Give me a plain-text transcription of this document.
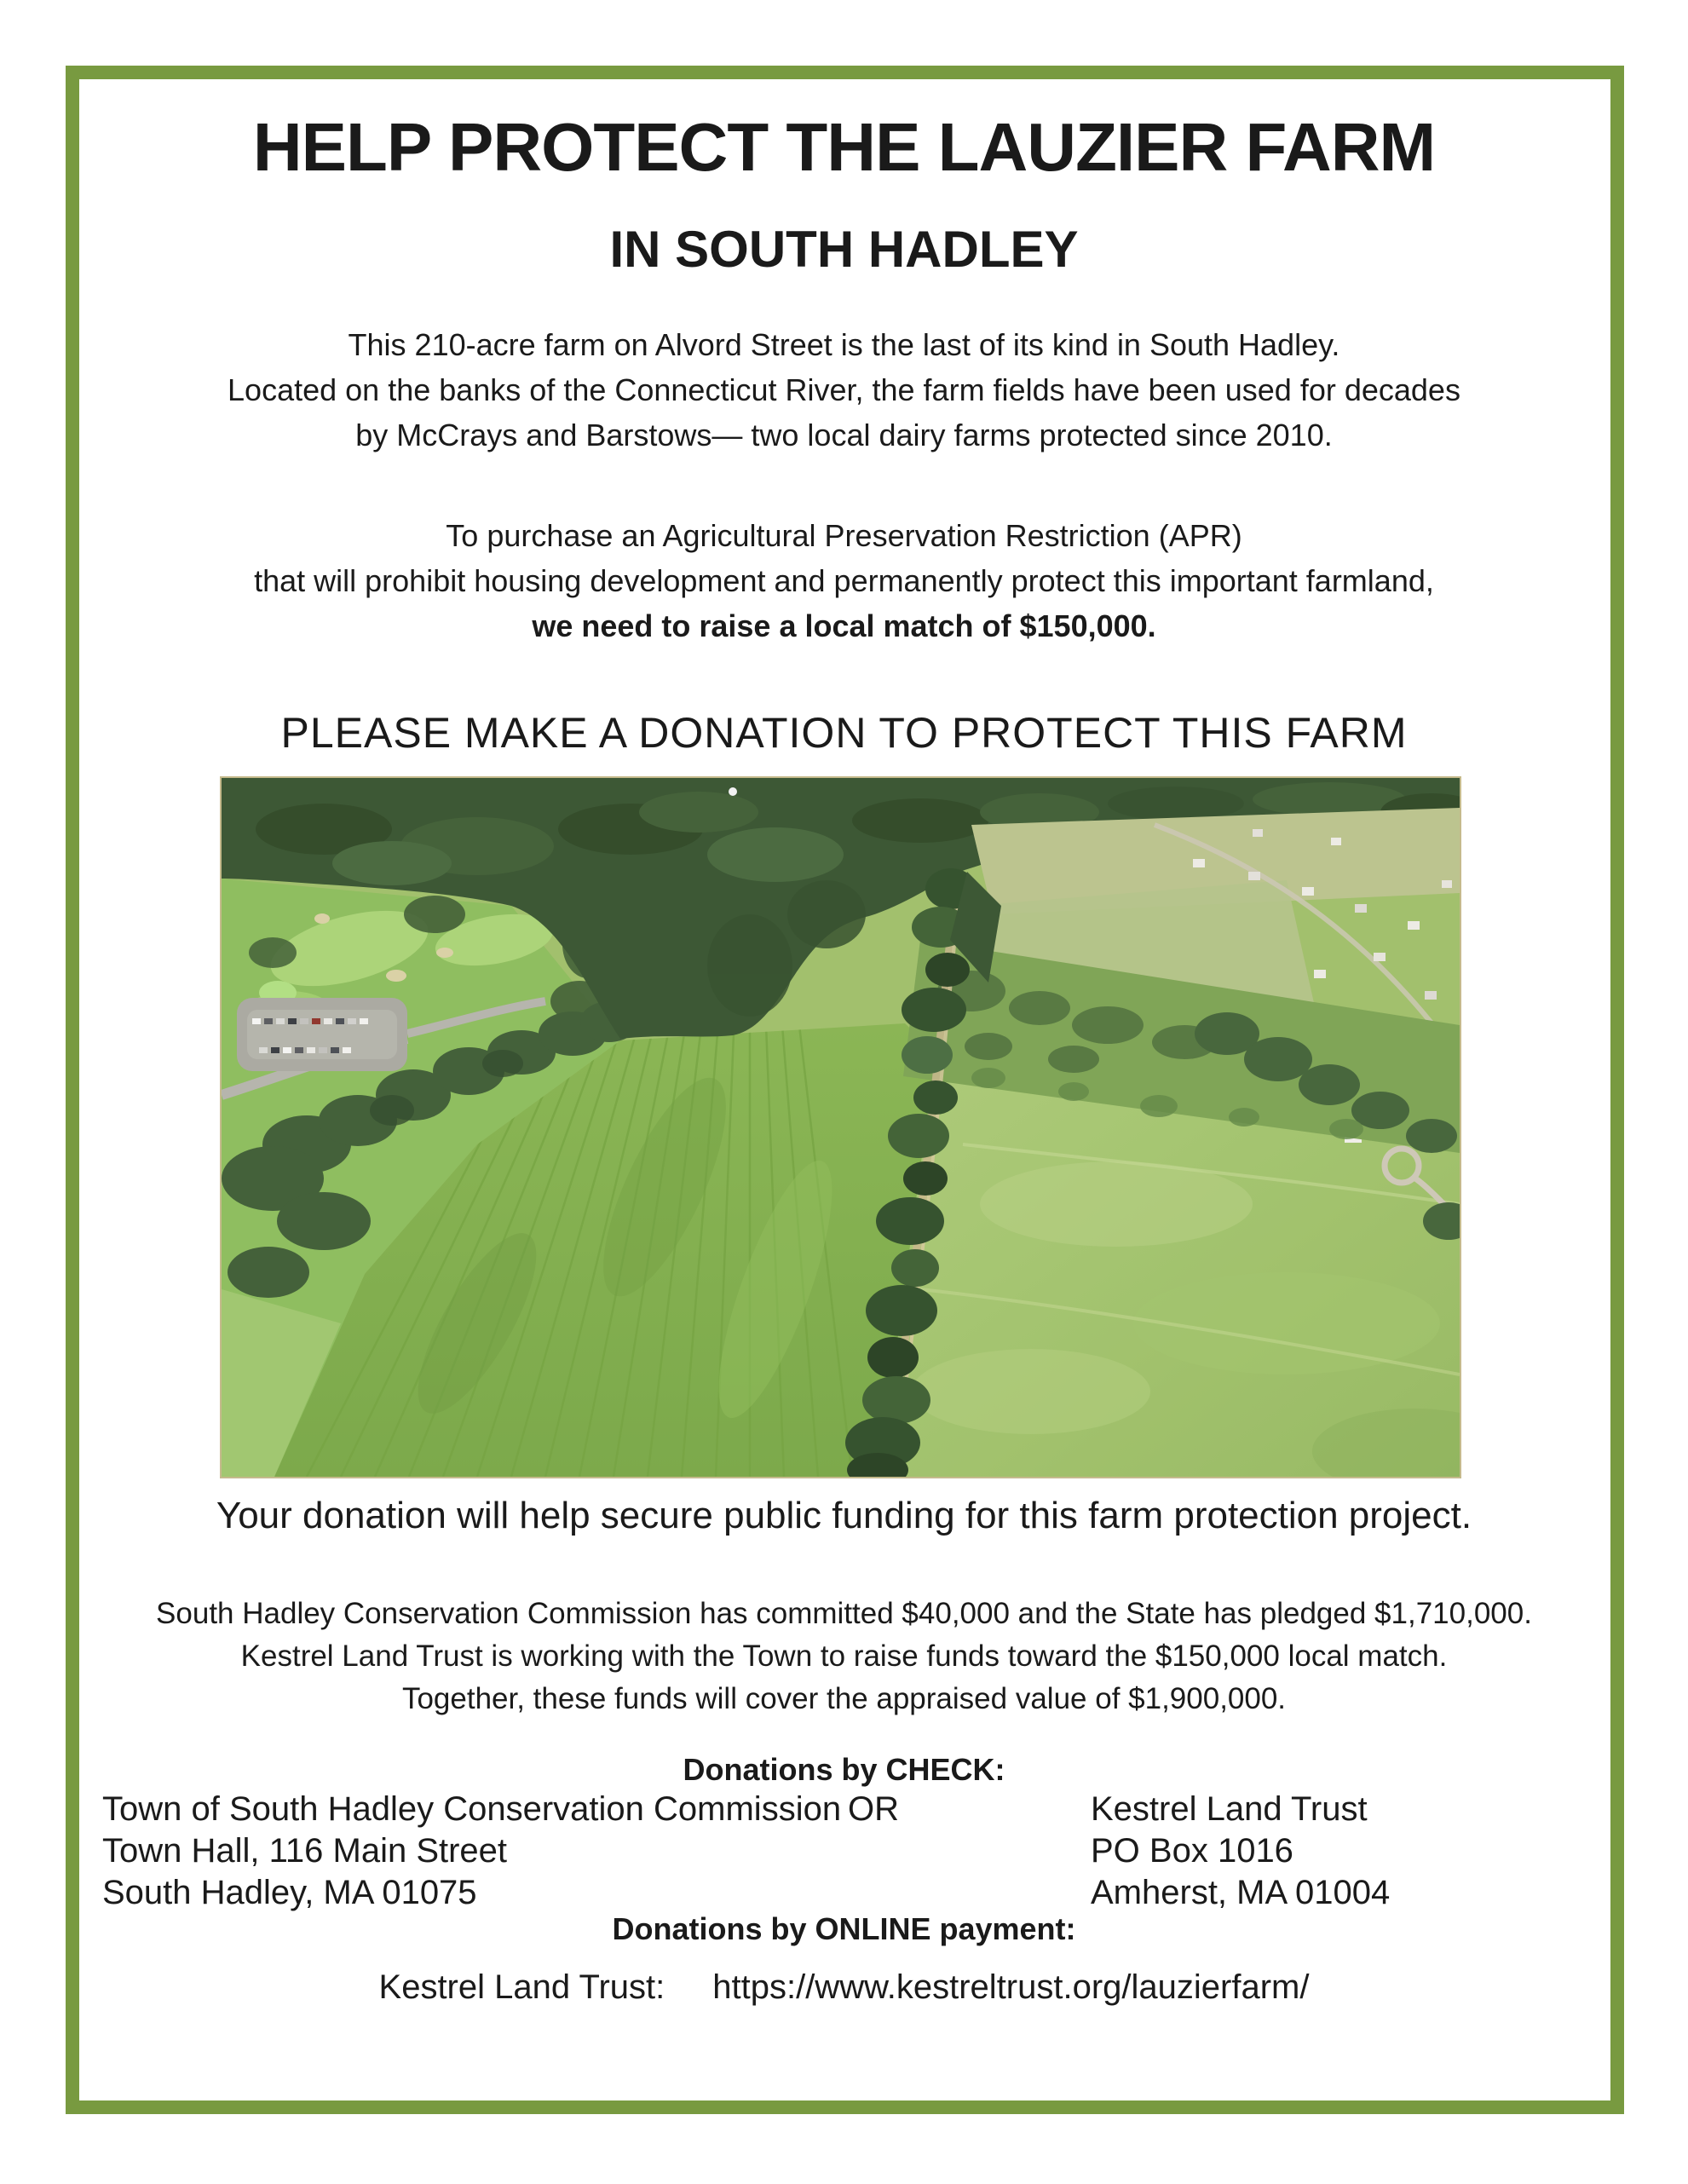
HELP PROTECT THE LAUZIER FARM
IN SOUTH HADLEY
This 210-acre farm on Alvord Street is the last of its kind in South Hadley.
Located on the banks of the Connecticut River, the farm fields have been used for decades
by McCrays and Barstows— two local dairy farms protected since 2010.
To purchase an Agricultural Preservation Restriction (APR)
that will prohibit housing development and permanently protect this important farmland,
we need to raise a local match of $150,000.
PLEASE MAKE A DONATION TO PROTECT THIS FARM
Your donation will help secure public funding for this farm protection project.
South Hadley Conservation Commission has committed $40,000 and the State has pledged $1,710,000.
Kestrel Land Trust is working with the Town to raise funds toward the $150,000 local match.
Together, these funds will cover the appraised value of $1,900,000.
Donations by CHECK:
Town of South Hadley Conservation Commission
Town Hall, 116 Main Street
South Hadley, MA 01075
OR	Kestrel Land Trust
PO Box 1016
Amherst, MA 01004
Donations by ONLINE payment:
Kestrel Land Trust: https://www.kestreltrust.org/lauzierfarm/
